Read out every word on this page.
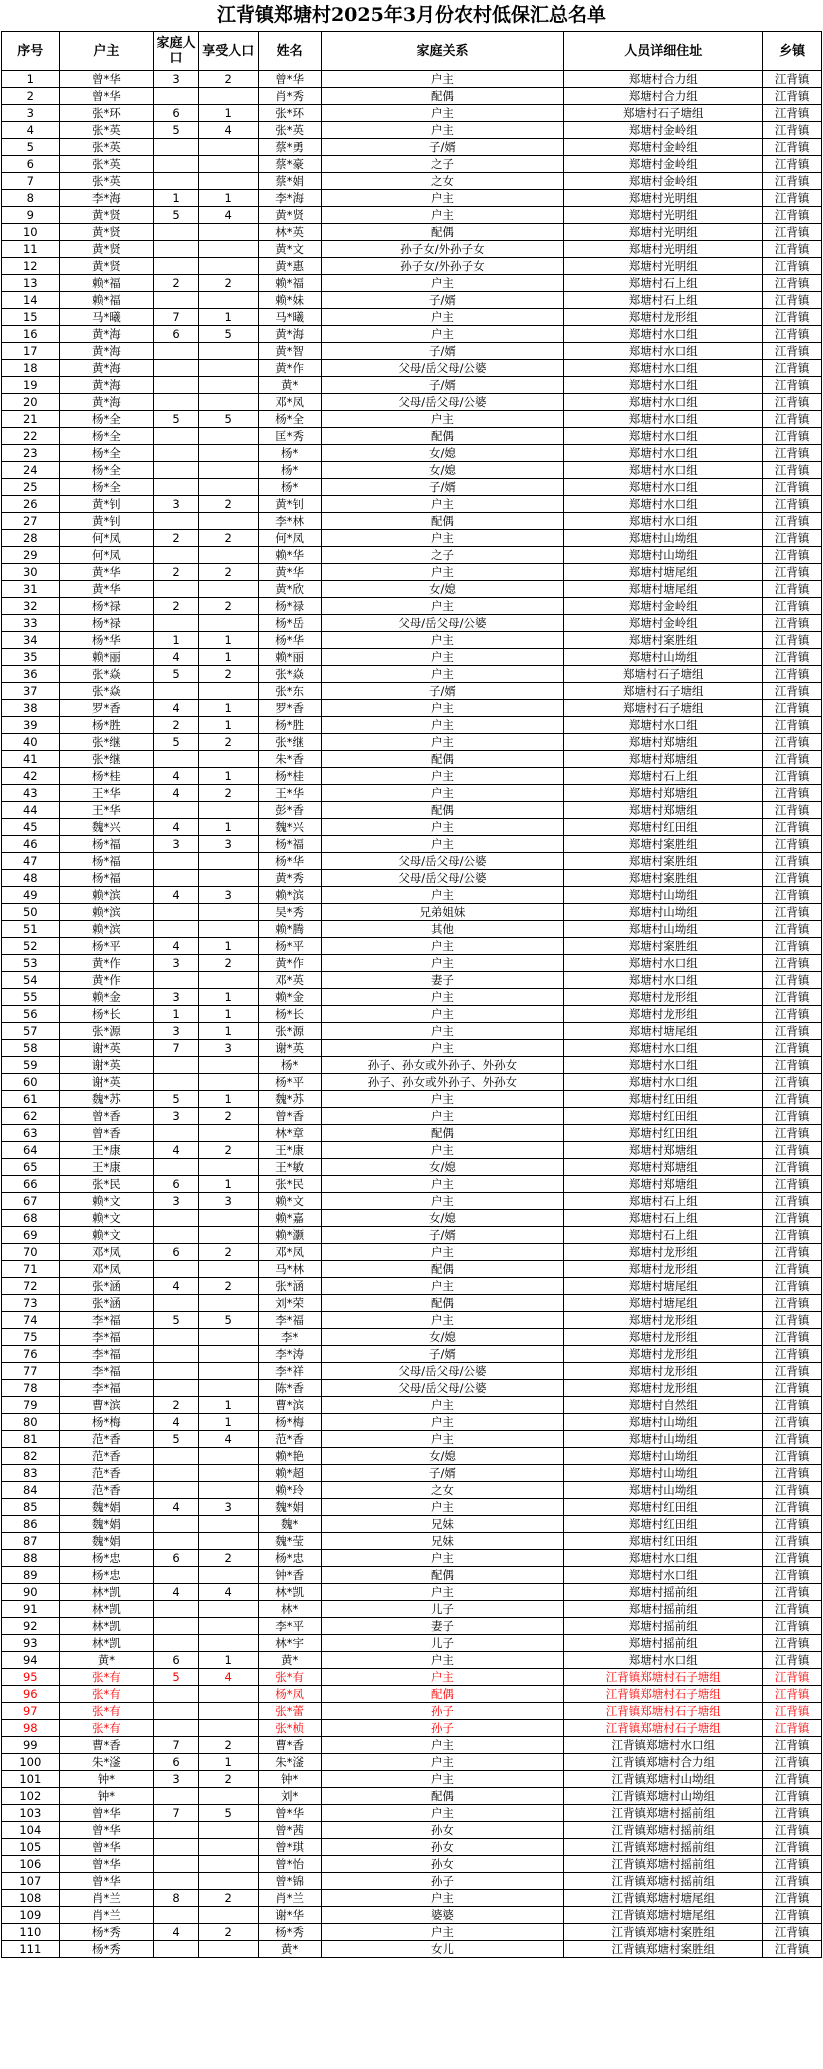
江背镇郑塘村2025年3月份农村低保汇总名单
序号	户主	家庭人口	享受人口	姓名	家庭关系	人员详细住址	乡镇
1	曾*华	3	2	曾*华	户主	郑塘村合力组	江背镇
2	曾*华			肖*秀	配偶	郑塘村合力组	江背镇
3	张*环	6	1	张*环	户主	郑塘村石子塘组	江背镇
4	张*英	5	4	张*英	户主	郑塘村金岭组	江背镇
5	张*英			蔡*勇	子/婿	郑塘村金岭组	江背镇
6	张*英			蔡*豪	之子	郑塘村金岭组	江背镇
7	张*英			蔡*娟	之女	郑塘村金岭组	江背镇
8	李*海	1	1	李*海	户主	郑塘村光明组	江背镇
9	黄*贤	5	4	黄*贤	户主	郑塘村光明组	江背镇
10	黄*贤			林*英	配偶	郑塘村光明组	江背镇
11	黄*贤			黄*文	孙子女/外孙子女	郑塘村光明组	江背镇
12	黄*贤			黄*惠	孙子女/外孙子女	郑塘村光明组	江背镇
13	赖*福	2	2	赖*福	户主	郑塘村石上组	江背镇
14	赖*福			赖*妹	子/婿	郑塘村石上组	江背镇
15	马*曦	7	1	马*曦	户主	郑塘村龙形组	江背镇
16	黄*海	6	5	黄*海	户主	郑塘村水口组	江背镇
17	黄*海			黄*智	子/婿	郑塘村水口组	江背镇
18	黄*海			黄*作	父母/岳父母/公婆	郑塘村水口组	江背镇
19	黄*海			黄*	子/婿	郑塘村水口组	江背镇
20	黄*海			邓*凤	父母/岳父母/公婆	郑塘村水口组	江背镇
21	杨*全	5	5	杨*全	户主	郑塘村水口组	江背镇
22	杨*全			匡*秀	配偶	郑塘村水口组	江背镇
23	杨*全			杨*	女/媳	郑塘村水口组	江背镇
24	杨*全			杨*	女/媳	郑塘村水口组	江背镇
25	杨*全			杨*	子/婿	郑塘村水口组	江背镇
26	黄*钊	3	2	黄*钊	户主	郑塘村水口组	江背镇
27	黄*钊			李*林	配偶	郑塘村水口组	江背镇
28	何*凤	2	2	何*凤	户主	郑塘村山坳组	江背镇
29	何*凤			赖*华	之子	郑塘村山坳组	江背镇
30	黄*华	2	2	黄*华	户主	郑塘村塘尾组	江背镇
31	黄*华			黄*欣	女/媳	郑塘村塘尾组	江背镇
32	杨*禄	2	2	杨*禄	户主	郑塘村金岭组	江背镇
33	杨*禄			杨*岳	父母/岳父母/公婆	郑塘村金岭组	江背镇
34	杨*华	1	1	杨*华	户主	郑塘村案胜组	江背镇
35	赖*丽	4	1	赖*丽	户主	郑塘村山坳组	江背镇
36	张*焱	5	2	张*焱	户主	郑塘村石子塘组	江背镇
37	张*焱			张*东	子/婿	郑塘村石子塘组	江背镇
38	罗*香	4	1	罗*香	户主	郑塘村石子塘组	江背镇
39	杨*胜	2	1	杨*胜	户主	郑塘村水口组	江背镇
40	张*继	5	2	张*继	户主	郑塘村郑塘组	江背镇
41	张*继			朱*香	配偶	郑塘村郑塘组	江背镇
42	杨*桂	4	1	杨*桂	户主	郑塘村石上组	江背镇
43	王*华	4	2	王*华	户主	郑塘村郑塘组	江背镇
44	王*华			彭*香	配偶	郑塘村郑塘组	江背镇
45	魏*兴	4	1	魏*兴	户主	郑塘村红田组	江背镇
46	杨*福	3	3	杨*福	户主	郑塘村案胜组	江背镇
47	杨*福			杨*华	父母/岳父母/公婆	郑塘村案胜组	江背镇
48	杨*福			黄*秀	父母/岳父母/公婆	郑塘村案胜组	江背镇
49	赖*滨	4	3	赖*滨	户主	郑塘村山坳组	江背镇
50	赖*滨			吴*秀	兄弟姐妹	郑塘村山坳组	江背镇
51	赖*滨			赖*腾	其他	郑塘村山坳组	江背镇
52	杨*平	4	1	杨*平	户主	郑塘村案胜组	江背镇
53	黄*作	3	2	黄*作	户主	郑塘村水口组	江背镇
54	黄*作			邓*英	妻子	郑塘村水口组	江背镇
55	赖*金	3	1	赖*金	户主	郑塘村龙形组	江背镇
56	杨*长	1	1	杨*长	户主	郑塘村龙形组	江背镇
57	张*源	3	1	张*源	户主	郑塘村塘尾组	江背镇
58	谢*英	7	3	谢*英	户主	郑塘村水口组	江背镇
59	谢*英			杨*	孙子、孙女或外孙子、外孙女	郑塘村水口组	江背镇
60	谢*英			杨*平	孙子、孙女或外孙子、外孙女	郑塘村水口组	江背镇
61	魏*苏	5	1	魏*苏	户主	郑塘村红田组	江背镇
62	曾*香	3	2	曾*香	户主	郑塘村红田组	江背镇
63	曾*香			林*章	配偶	郑塘村红田组	江背镇
64	王*康	4	2	王*康	户主	郑塘村郑塘组	江背镇
65	王*康			王*敏	女/媳	郑塘村郑塘组	江背镇
66	张*民	6	1	张*民	户主	郑塘村郑塘组	江背镇
67	赖*文	3	3	赖*文	户主	郑塘村石上组	江背镇
68	赖*文			赖*嘉	女/媳	郑塘村石上组	江背镇
69	赖*文			赖*灏	子/婿	郑塘村石上组	江背镇
70	邓*凤	6	2	邓*凤	户主	郑塘村龙形组	江背镇
71	邓*凤			马*林	配偶	郑塘村龙形组	江背镇
72	张*涵	4	2	张*涵	户主	郑塘村塘尾组	江背镇
73	张*涵			刘*荣	配偶	郑塘村塘尾组	江背镇
74	李*福	5	5	李*福	户主	郑塘村龙形组	江背镇
75	李*福			李*	女/媳	郑塘村龙形组	江背镇
76	李*福			李*涛	子/婿	郑塘村龙形组	江背镇
77	李*福			李*祥	父母/岳父母/公婆	郑塘村龙形组	江背镇
78	李*福			陈*香	父母/岳父母/公婆	郑塘村龙形组	江背镇
79	曹*滨	2	1	曹*滨	户主	郑塘村自然组	江背镇
80	杨*梅	4	1	杨*梅	户主	郑塘村山坳组	江背镇
81	范*香	5	4	范*香	户主	郑塘村山坳组	江背镇
82	范*香			赖*艳	女/媳	郑塘村山坳组	江背镇
83	范*香			赖*超	子/婿	郑塘村山坳组	江背镇
84	范*香			赖*玲	之女	郑塘村山坳组	江背镇
85	魏*娟	4	3	魏*娟	户主	郑塘村红田组	江背镇
86	魏*娟			魏*	兄妹	郑塘村红田组	江背镇
87	魏*娟			魏*莹	兄妹	郑塘村红田组	江背镇
88	杨*忠	6	2	杨*忠	户主	郑塘村水口组	江背镇
89	杨*忠			钟*香	配偶	郑塘村水口组	江背镇
90	林*凯	4	4	林*凯	户主	郑塘村摇前组	江背镇
91	林*凯			林*	儿子	郑塘村摇前组	江背镇
92	林*凯			李*平	妻子	郑塘村摇前组	江背镇
93	林*凯			林*宇	儿子	郑塘村摇前组	江背镇
94	黄*	6	1	黄*	户主	郑塘村水口组	江背镇
95	张*有	5	4	张*有	户主	江背镇郑塘村石子塘组	江背镇
96	张*有			杨*凤	配偶	江背镇郑塘村石子塘组	江背镇
97	张*有			张*蕾	孙子	江背镇郑塘村石子塘组	江背镇
98	张*有			张*桢	孙子	江背镇郑塘村石子塘组	江背镇
99	曹*香	7	2	曹*香	户主	江背镇郑塘村水口组	江背镇
100	朱*滏	6	1	朱*滏	户主	江背镇郑塘村合力组	江背镇
101	钟*	3	2	钟*	户主	江背镇郑塘村山坳组	江背镇
102	钟*			刘*	配偶	江背镇郑塘村山坳组	江背镇
103	曾*华	7	5	曾*华	户主	江背镇郑塘村摇前组	江背镇
104	曾*华			曾*茜	孙女	江背镇郑塘村摇前组	江背镇
105	曾*华			曾*琪	孙女	江背镇郑塘村摇前组	江背镇
106	曾*华			曾*怡	孙女	江背镇郑塘村摇前组	江背镇
107	曾*华			曾*锦	孙子	江背镇郑塘村摇前组	江背镇
108	肖*兰	8	2	肖*兰	户主	江背镇郑塘村塘尾组	江背镇
109	肖*兰			谢*华	婆婆	江背镇郑塘村塘尾组	江背镇
110	杨*秀	4	2	杨*秀	户主	江背镇郑塘村案胜组	江背镇
111	杨*秀			黄*	女儿	江背镇郑塘村案胜组	江背镇
